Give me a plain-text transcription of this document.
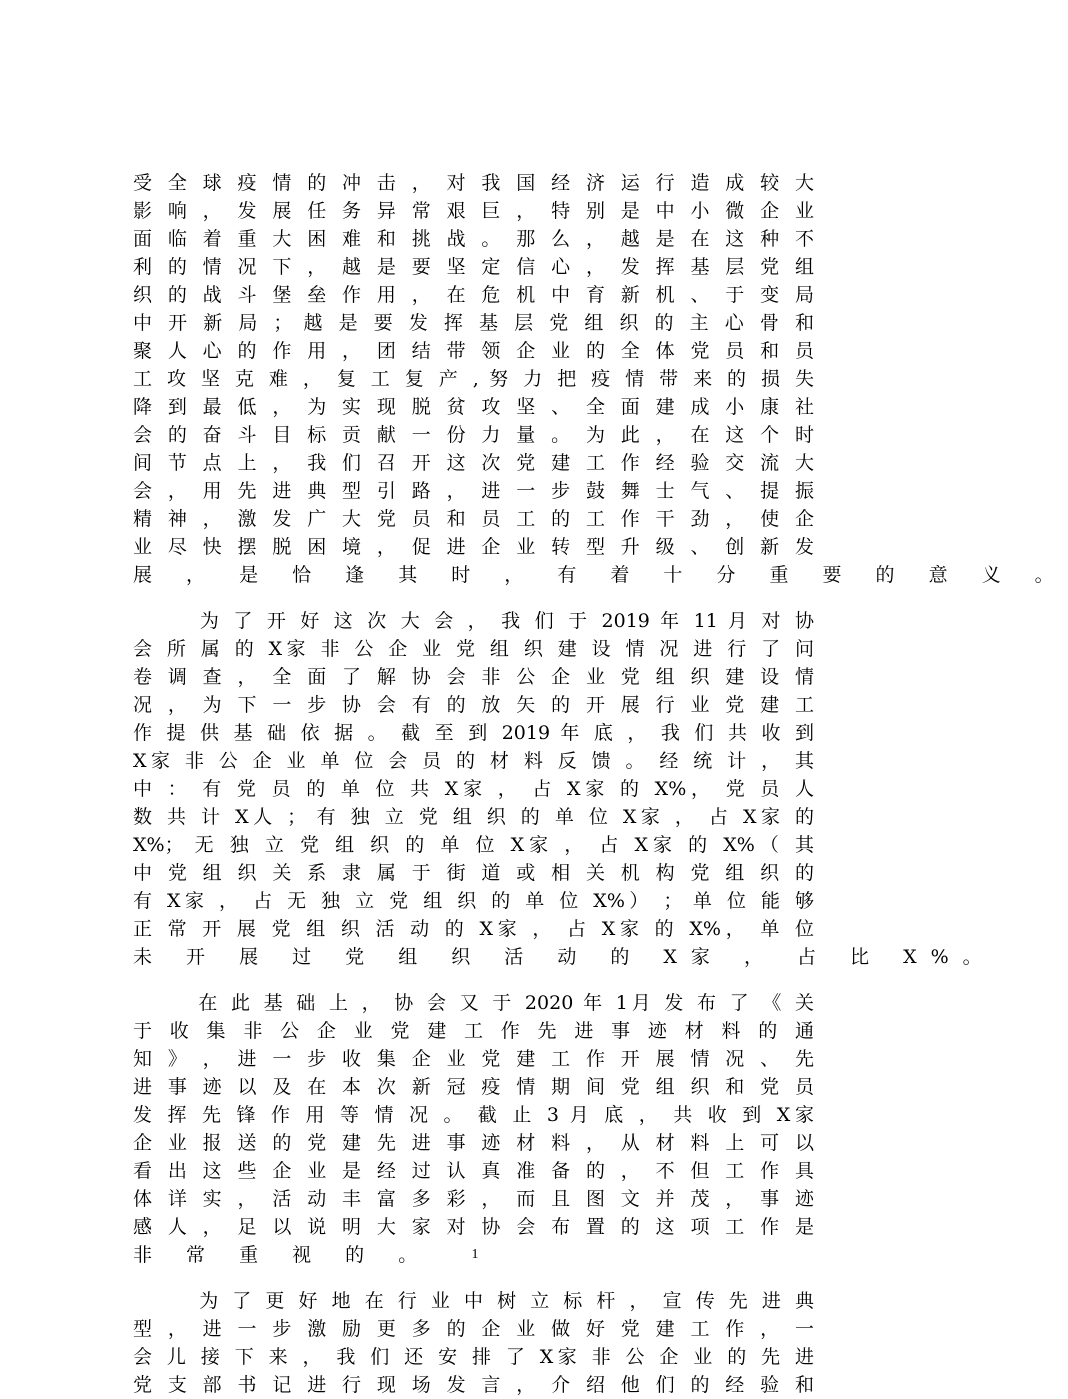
受 全 球 疫 情 的 冲 击 ， 对 我 国 经 济 运 行 造 成 较 大
影 响 ， 发 展 任 务 异 常 艰 巨 ， 特 别 是 中 小 微 企 业
面 临 着 重 大 困 难 和 挑 战 。 那 么 ， 越 是 在 这 种 不
利 的 情 况 下 ， 越 是 要 坚 定 信 心 ， 发 挥 基 层 党 组
织 的 战 斗 堡 垒 作 用 ， 在 危 机 中 育 新 机 、 于 变 局
中 开 新 局 ； 越 是 要 发 挥 基 层 党 组 织 的 主 心 骨 和
聚 人 心 的 作 用 ， 团 结 带 领 企 业 的 全 体 党 员 和 员
工 攻 坚 克 难 ， 复 工 复 产 , 努 力 把 疫 情 带 来 的 损 失
降 到 最 低 ， 为 实 现 脱 贫 攻 坚 、 全 面 建 成 小 康 社
会 的 奋 斗 目 标 贡 献 一 份 力 量 。 为 此 ， 在 这 个 时
间 节 点 上 ， 我 们 召 开 这 次 党 建 工 作 经 验 交 流 大
会 ， 用 先 进 典 型 引 路 ， 进 一 步 鼓 舞 士 气 、 提 振
精 神 ， 激 发 广 大 党 员 和 员 工 的 工 作 干 劲 ， 使 企
业 尽 快 摆 脱 困 境 ， 促 进 企 业 转 型 升 级 、 创 新 发
展 ， 是 恰 逢 其 时 ， 有 着 十 分 重 要 的 意 义 。
　 　 为 了 开 好 这 次 大 会 ， 我 们 于 2019 年 11 月 对 协
会 所 属 的 X家 非 公 企 业 党 组 织 建 设 情 况 进 行 了 问
卷 调 查 ， 全 面 了 解 协 会 非 公 企 业 党 组 织 建 设 情
况 ， 为 下 一 步 协 会 有 的 放 矢 的 开 展 行 业 党 建 工
作 提 供 基 础 依 据 。 截 至 到 2019 年 底 ， 我 们 共 收 到
X家 非 公 企 业 单 位 会 员 的 材 料 反 馈 。 经 统 计 ， 其
中 ： 有 党 员 的 单 位 共 X家 ， 占 X家 的 X%， 党 员 人
数 共 计 X人 ； 有 独 立 党 组 织 的 单 位 X家 ， 占 X家 的
X%； 无 独 立 党 组 织 的 单 位 X家 ， 占 X家 的 X%（ 其
中 党 组 织 关 系 隶 属 于 街 道 或 相 关 机 构 党 组 织 的
有 X家 ， 占 无 独 立 党 组 织 的 单 位 X%） ； 单 位 能 够
正 常 开 展 党 组 织 活 动 的 X家 ， 占 X家 的 X%， 单 位
未 开 展 过 党 组 织 活 动 的 X家 ， 占 比 X%。
　 　 在 此 基 础 上 ， 协 会 又 于 2020 年 1月 发 布 了 《 关
于 收 集 非 公 企 业 党 建 工 作 先 进 事 迹 材 料 的 通
知 》 ， 进 一 步 收 集 企 业 党 建 工 作 开 展 情 况 、 先
进 事 迹 以 及 在 本 次 新 冠 疫 情 期 间 党 组 织 和 党 员
发 挥 先 锋 作 用 等 情 况 。 截 止 3 月 底 ， 共 收 到 X家
企 业 报 送 的 党 建 先 进 事 迹 材 料 ， 从 材 料 上 可 以
看 出 这 些 企 业 是 经 过 认 真 准 备 的 ， 不 但 工 作 具
体 详 实 ， 活 动 丰 富 多 彩 ， 而 且 图 文 并 茂 ， 事 迹
感 人 ， 足 以 说 明 大 家 对 协 会 布 置 的 这 项 工 作 是
非 常 重 视 的 。
　 　 为 了 更 好 地 在 行 业 中 树 立 标 杆 ， 宣 传 先 进 典
型 ， 进 一 步 激 励 更 多 的 企 业 做 好 党 建 工 作 ， 一
会 儿 接 下 来 ， 我 们 还 安 排 了 X家 非 公 企 业 的 先 进
党 支 部 书 记 进 行 现 场 发 言 ， 介 绍 他 们 的 经 验 和
1
